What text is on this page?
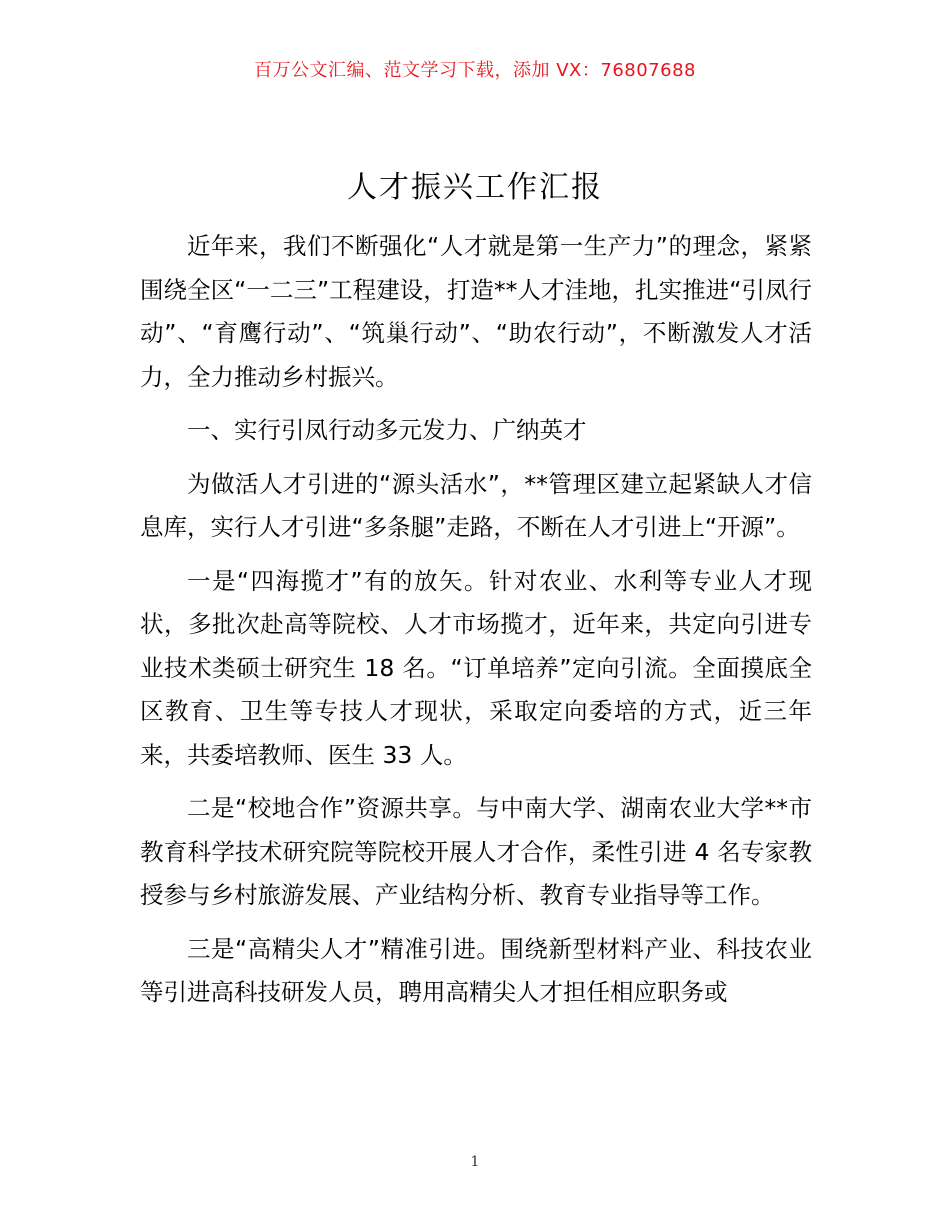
百万公文汇编、范文学习下载，添加 VX：76807688
人才振兴工作汇报

近年来，我们不断强化“人才就是第一生产力”的理念，紧紧围绕全区“一二三”工程建设，打造**人才洼地，扎实推进“引凤行动”、“育鹰行动”、“筑巢行动”、“助农行动”，不断激发人才活力，全力推动乡村振兴。

一、实行引凤行动多元发力、广纳英才

为做活人才引进的“源头活水”，**管理区建立起紧缺人才信息库，实行人才引进“多条腿”走路，不断在人才引进上“开源”。

一是“四海揽才”有的放矢。针对农业、水利等专业人才现状，多批次赴高等院校、人才市场揽才，近年来，共定向引进专业技术类硕士研究生 18 名。“订单培养”定向引流。全面摸底全区教育、卫生等专技人才现状，采取定向委培的方式，近三年来，共委培教师、医生 33 人。

二是“校地合作”资源共享。与中南大学、湖南农业大学**市教育科学技术研究院等院校开展人才合作，柔性引进 4 名专家教授参与乡村旅游发展、产业结构分析、教育专业指导等工作。

三是“高精尖人才”精准引进。围绕新型材料产业、科技农业等引进高科技研发人员，聘用高精尖人才担任相应职务或

1
